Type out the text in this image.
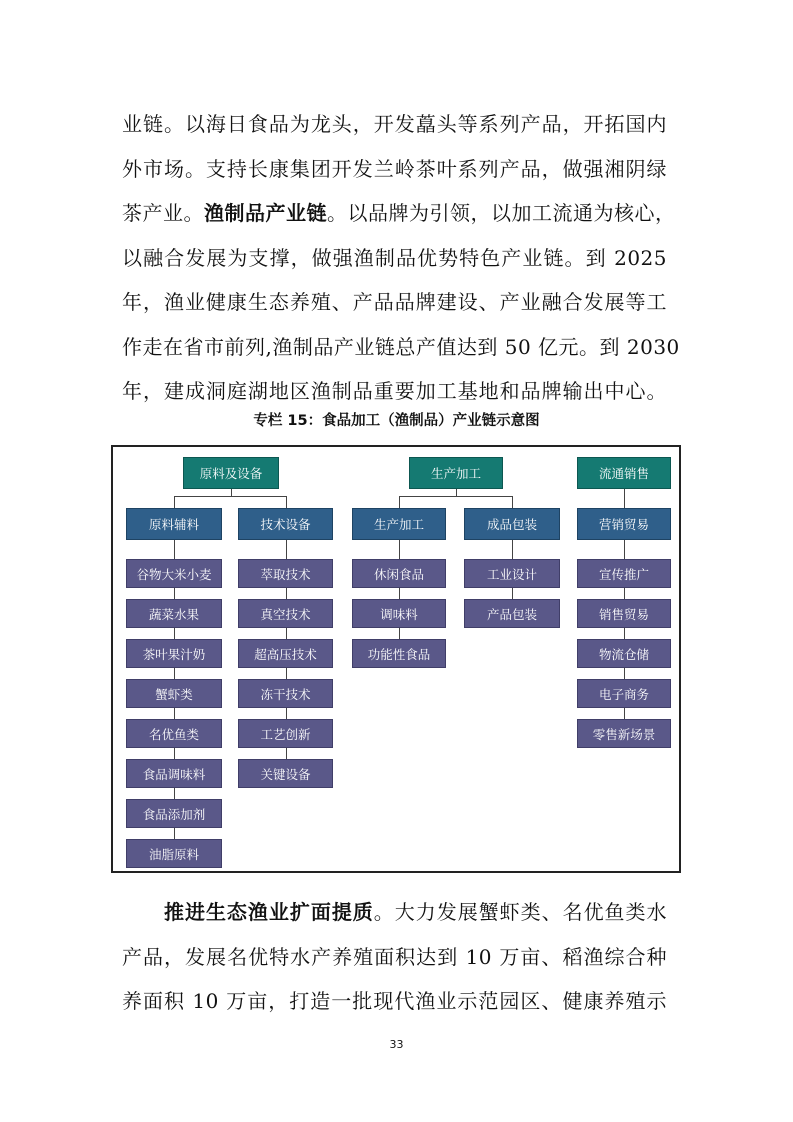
业链。以海日食品为龙头，开发藠头等系列产品，开拓国内
外市场。支持长康集团开发兰岭茶叶系列产品，做强湘阴绿
茶产业。渔制品产业链。以品牌为引领，以加工流通为核心，
以融合发展为支撑，做强渔制品优势特色产业链。到 2025
年，渔业健康生态养殖、产品品牌建设、产业融合发展等工
作走在省市前列,渔制品产业链总产值达到 50 亿元。到 2030
年，建成洞庭湖地区渔制品重要加工基地和品牌输出中心。
专栏 15：食品加工（渔制品）产业链示意图
原料及设备
原料辅料
谷物大米小麦
蔬菜水果
茶叶果汁奶
蟹虾类
名优鱼类
食品调味料
食品添加剂
油脂原料
技术设备
萃取技术
真空技术
超高压技术
冻干技术
工艺创新
关键设备
生产加工
生产加工
休闲食品
调味料
功能性食品
成品包装
工业设计
产品包装
流通销售
营销贸易
宣传推广
销售贸易
物流仓储
电子商务
零售新场景
推进生态渔业扩面提质。大力发展蟹虾类、名优鱼类水
产品，发展名优特水产养殖面积达到 10 万亩、稻渔综合种
养面积 10 万亩，打造一批现代渔业示范园区、健康养殖示
33
